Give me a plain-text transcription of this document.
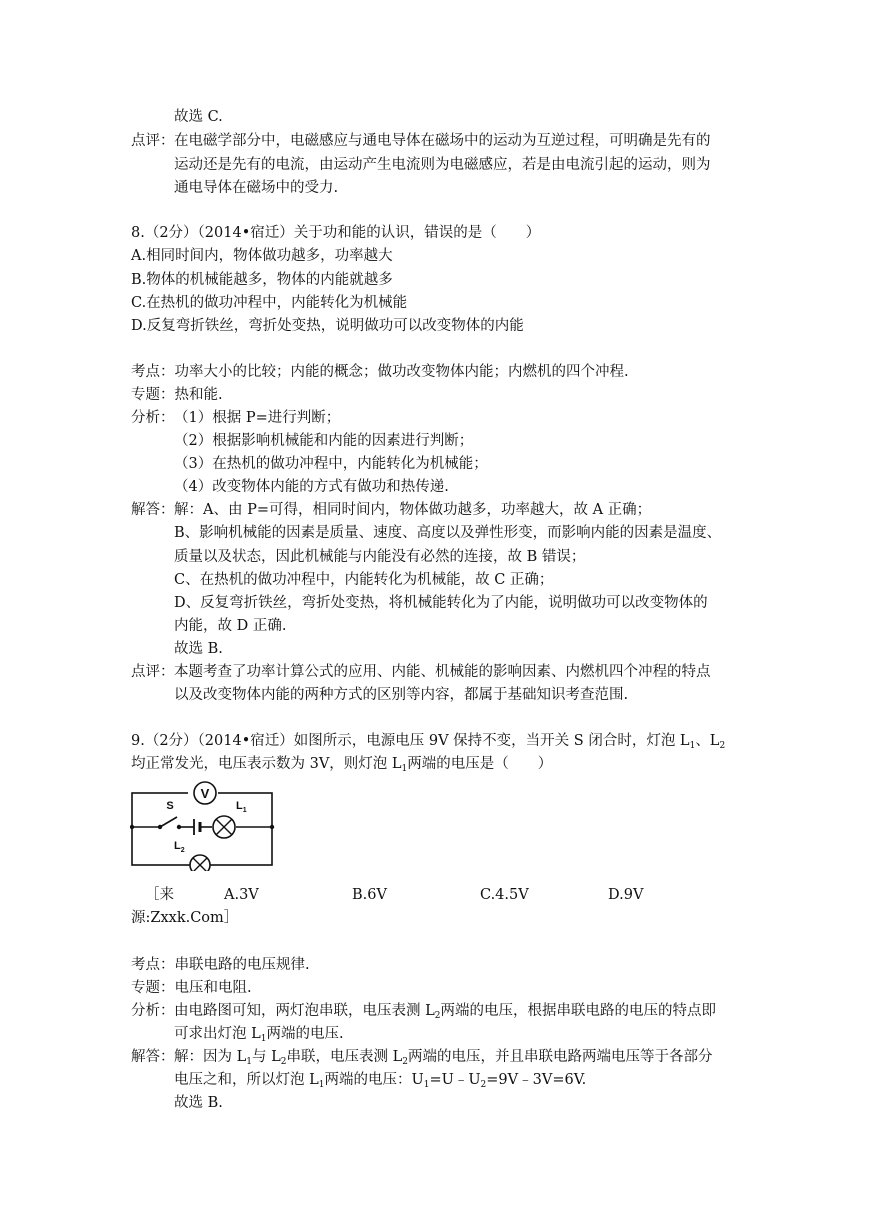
故选 C.
点评： 在电磁学部分中，电磁感应与通电导体在磁场中的运动为互逆过程，可明确是先有的
运动还是先有的电流，由运动产生电流则为电磁感应，若是由电流引起的运动，则为
通电导体在磁场中的受力.
8.（2分）（2014•宿迁）关于功和能的认识，错误的是（　　）
A.相同时间内，物体做功越多，功率越大
B.物体的机械能越多，物体的内能就越多
C.在热机的做功冲程中，内能转化为机械能
D.反复弯折铁丝，弯折处变热，说明做功可以改变物体的内能
考点：功率大小的比较；内能的概念；做功改变物体内能；内燃机的四个冲程.
专题：热和能.
分析： （1）根据 P=进行判断；
（2）根据影响机械能和内能的因素进行判断；
（3）在热机的做功冲程中，内能转化为机械能；
（4）改变物体内能的方式有做功和热传递.
解答： 解：A、由 P=可得，相同时间内，物体做功越多，功率越大，故 A 正确；
B、影响机械能的因素是质量、速度、高度以及弹性形变，而影响内能的因素是温度、
质量以及状态，因此机械能与内能没有必然的连接，故 B 错误；
C、在热机的做功冲程中，内能转化为机械能，故 C 正确；
D、反复弯折铁丝，弯折处变热，将机械能转化为了内能，说明做功可以改变物体的
内能，故 D 正确.
故选 B.
点评： 本题考查了功率计算公式的应用、内能、机械能的影响因素、内燃机四个冲程的特点
以及改变物体内能的两种方式的区别等内容，都属于基础知识考查范围.
9.（2分）（2014•宿迁）如图所示，电源电压 9V 保持不变，当开关 S 闭合时，灯泡 $L_1$、$L_2$
均正常发光，电压表示数为 3V，则灯泡 $L_1$两端的电压是（　　）
V
S	$L_1$
$L_2$
［来
源:Zxxk.Com］
A.3V	B.6V	C.4.5V	D.9V
考点：串联电路的电压规律.
专题：电压和电阻.
分析： 由电路图可知，两灯泡串联，电压表测 $L_2$两端的电压，根据串联电路的电压的特点即
可求出灯泡 $L_1$两端的电压.
解答： 解：因为 $L_1$与 $L_2$串联，电压表测 $L_2$两端的电压，并且串联电路两端电压等于各部分
电压之和，所以灯泡 $L_1$两端的电压：$U_1=U﹣U_2=9V﹣3V=6V$.
故选 B.
